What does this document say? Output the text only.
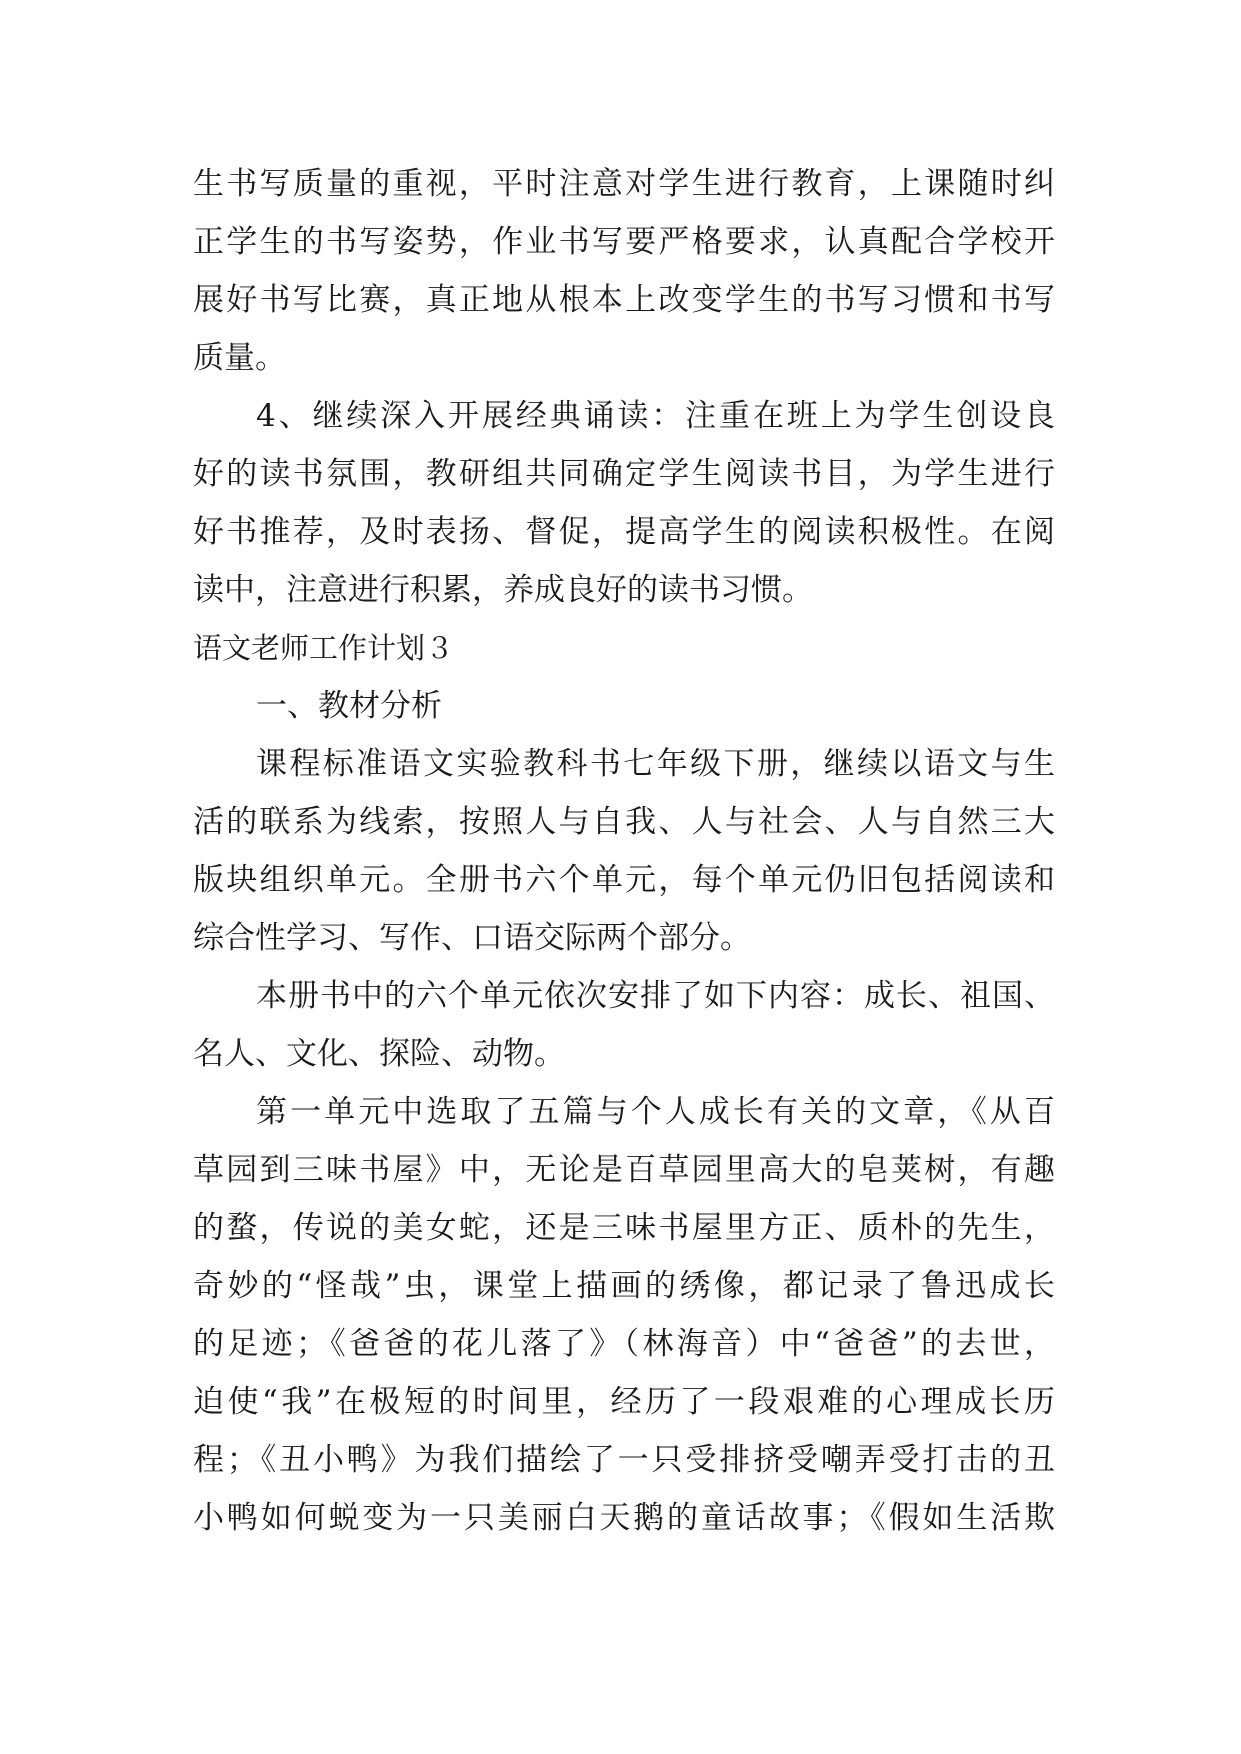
生书写质量的重视，平时注意对学生进行教育，上课随时纠
正学生的书写姿势，作业书写要严格要求，认真配合学校开
展好书写比赛，真正地从根本上改变学生的书写习惯和书写
质量。
4、继续深入开展经典诵读：注重在班上为学生创设良
好的读书氛围，教研组共同确定学生阅读书目，为学生进行
好书推荐，及时表扬、督促，提高学生的阅读积极性。在阅
读中，注意进行积累，养成良好的读书习惯。
语文老师工作计划３
一、教材分析
课程标准语文实验教科书七年级下册，继续以语文与生
活的联系为线索，按照人与自我、人与社会、人与自然三大
版块组织单元。全册书六个单元，每个单元仍旧包括阅读和
综合性学习、写作、口语交际两个部分。
本册书中的六个单元依次安排了如下内容：成长、祖国、
名人、文化、探险、动物。
第一单元中选取了五篇与个人成长有关的文章，《从百
草园到三味书屋》中，无论是百草园里高大的皂荚树，有趣
的蝥，传说的美女蛇，还是三味书屋里方正、质朴的先生，
奇妙的“怪哉”虫，课堂上描画的绣像，都记录了鲁迅成长
的足迹；《爸爸的花儿落了》（林海音）中“爸爸”的去世，
迫使“我”在极短的时间里，经历了一段艰难的心理成长历
程；《丑小鸭》为我们描绘了一只受排挤受嘲弄受打击的丑
小鸭如何蜕变为一只美丽白天鹅的童话故事；《假如生活欺
